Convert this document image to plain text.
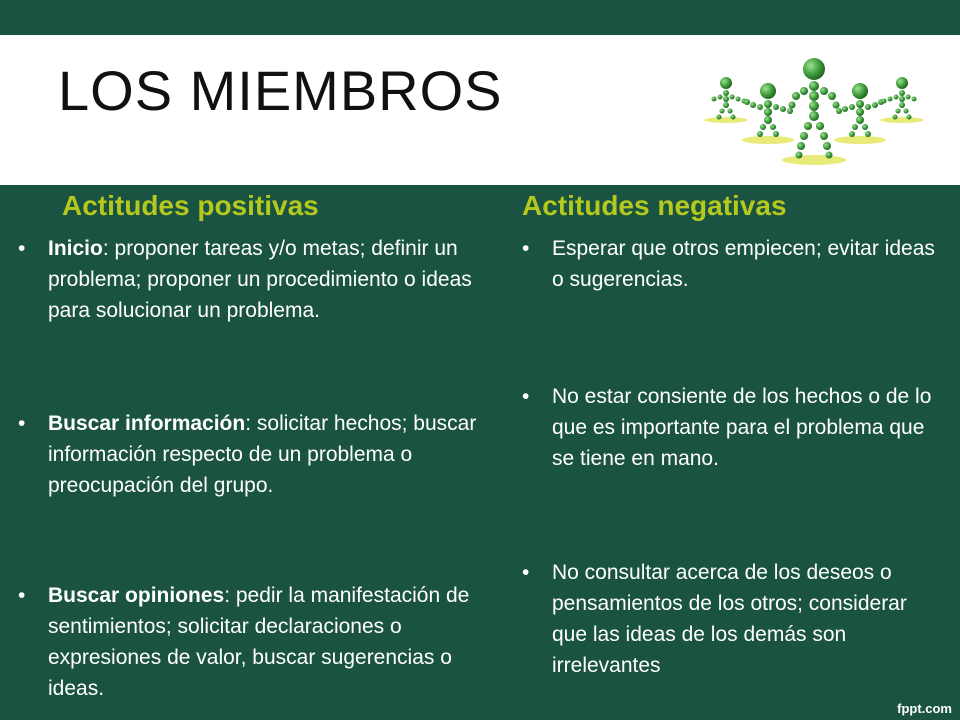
LOS MIEMBROS
Actitudes positivas	Actitudes negativas
• Inicio: proponer tareas y/o metas; definir un problema; proponer un procedimiento o ideas para solucionar un problema.
• Buscar información: solicitar hechos; buscar información respecto de un problema o preocupación del grupo.
• Buscar opiniones: pedir la manifestación de sentimientos; solicitar declaraciones o expresiones de valor, buscar sugerencias o ideas.
• Esperar que otros empiecen; evitar ideas o sugerencias.
• No estar consiente de los hechos o de lo que es importante para el problema que se tiene en mano.
• No consultar acerca de los deseos o pensamientos de los otros; considerar que las ideas de los demás son irrelevantes
fppt.com
